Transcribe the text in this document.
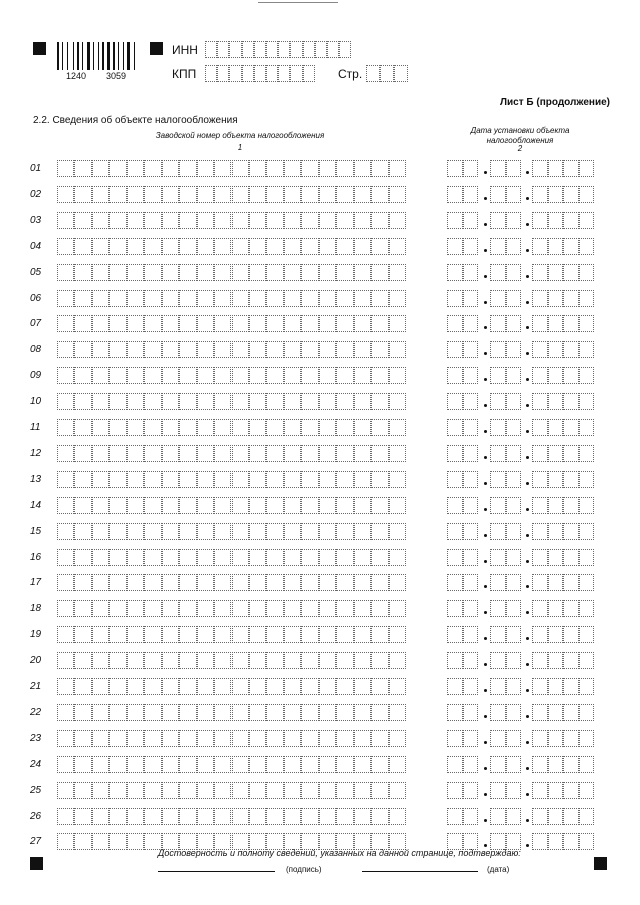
1240 3059
ИНН
КПП	Стр.
Лист Б (продолжение)
2.2. Сведения об объекте налогообложения
Заводской номер объекта налогообложения
1
Дата установки объекта
налогообложения
2
01
02
03
04
05
06
07
08
09
10
11
12
13
14
15
16
17
18
19
20
21
22
23
24
25
26
27
Достоверность и полноту сведений, указанных на данной странице, подтверждаю:
(подпись)	(дата)
